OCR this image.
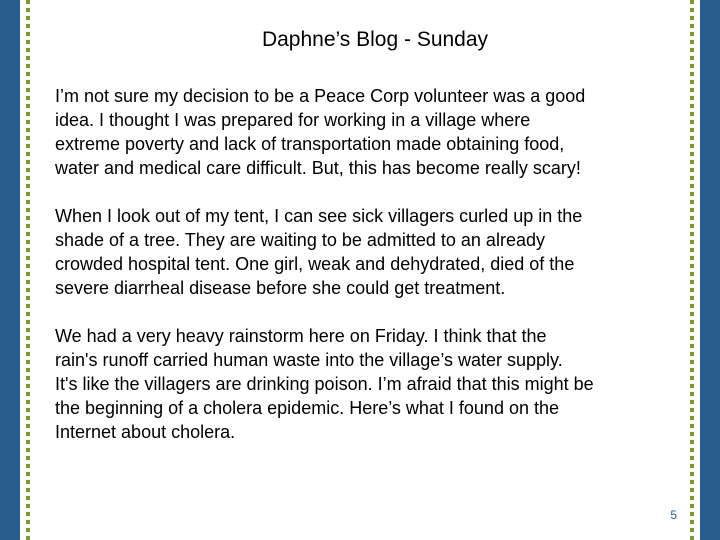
Daphne’s Blog - Sunday

I’m not sure my decision to be a Peace Corp volunteer was a good
idea. I thought I was prepared for working in a village where
extreme poverty and lack of transportation made obtaining food,
water and medical care difficult. But, this has become really scary!

When I look out of my tent, I can see sick villagers curled up in the
shade of a tree. They are waiting to be admitted to an already
crowded hospital tent. One girl, weak and dehydrated, died of the
severe diarrheal disease before she could get treatment.

We had a very heavy rainstorm here on Friday. I think that the
rain's runoff carried human waste into the village’s water supply.
It's like the villagers are drinking poison. I’m afraid that this might be
the beginning of a cholera epidemic. Here’s what I found on the
Internet about cholera.

5
